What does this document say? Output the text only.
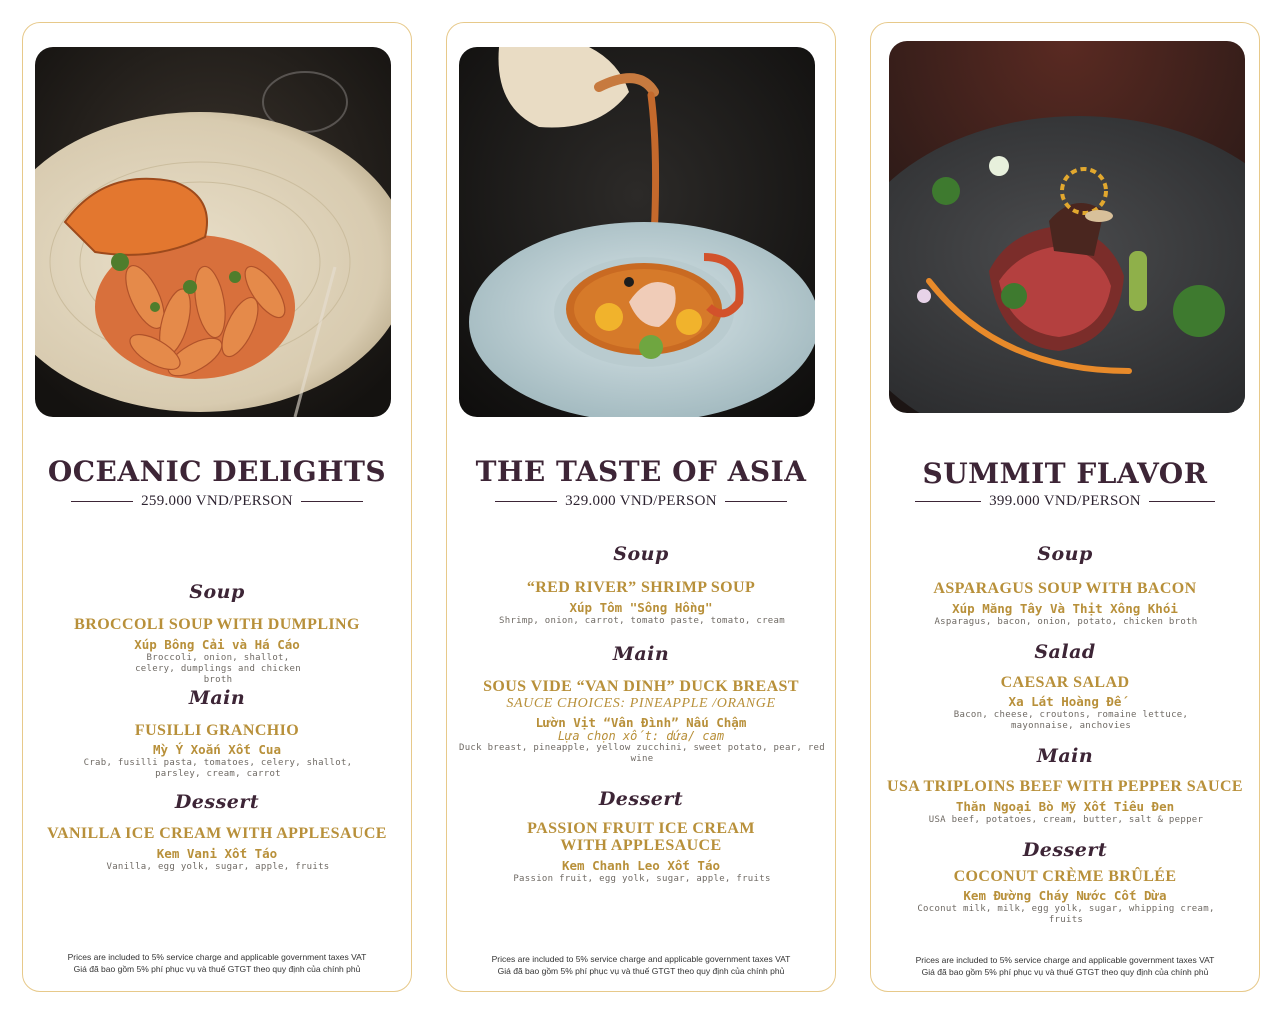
OCEANIC DELIGHTS
259.000 VND/PERSON
Soup
BROCCOLI SOUP WITH DUMPLING
Xúp Bông Cải và Há Cáo
Broccoli, onion, shallot, celery, dumplings and chicken broth
Main
FUSILLI GRANCHIO
Mỳ Ý Xoắn Xốt Cua
Crab, fusilli pasta, tomatoes, celery, shallot, parsley, cream, carrot
Dessert
VANILLA ICE CREAM WITH APPLESAUCE
Kem Vani Xốt Táo
Vanilla, egg yolk, sugar, apple, fruits
Prices are included to 5% service charge and applicable government taxes VAT
Giá đã bao gồm 5% phí phục vụ và thuế GTGT theo quy định của chính phủ
THE TASTE OF ASIA
329.000 VND/PERSON
Soup
“RED RIVER” SHRIMP SOUP
Xúp Tôm "Sông Hồng"
Shrimp, onion, carrot, tomato paste, tomato, cream
Main
SOUS VIDE “VAN DINH” DUCK BREAST
SAUCE CHOICES: PINEAPPLE /ORANGE
Lườn Vịt “Vân Đình” Nấu Chậm
Lựa chọn xốt: dứa/ cam
Duck breast, pineapple, yellow zucchini, sweet potato, pear, red wine
Dessert
PASSION FRUIT ICE CREAM
WITH APPLESAUCE
Kem Chanh Leo Xốt Táo
Passion fruit, egg yolk, sugar, apple, fruits
Prices are included to 5% service charge and applicable government taxes VAT
Giá đã bao gồm 5% phí phục vụ và thuế GTGT theo quy định của chính phủ
SUMMIT FLAVOR
399.000 VND/PERSON
Soup
ASPARAGUS SOUP WITH BACON
Xúp Măng Tây Và Thịt Xông Khói
Asparagus, bacon, onion, potato, chicken broth
Salad
CAESAR SALAD
Xa Lát Hoàng Đế
Bacon, cheese, croutons, romaine lettuce, mayonnaise, anchovies
Main
USA TRIPLOINS BEEF WITH PEPPER SAUCE
Thăn Ngoại Bò Mỹ Xốt Tiêu Đen
USA beef, potatoes, cream, butter, salt & pepper
Dessert
COCONUT CRÈME BRÛLÉE
Kem Đường Cháy Nước Cốt Dừa
Coconut milk, milk, egg yolk, sugar, whipping cream, fruits
Prices are included to 5% service charge and applicable government taxes VAT
Giá đã bao gồm 5% phí phục vụ và thuế GTGT theo quy định của chính phủ
